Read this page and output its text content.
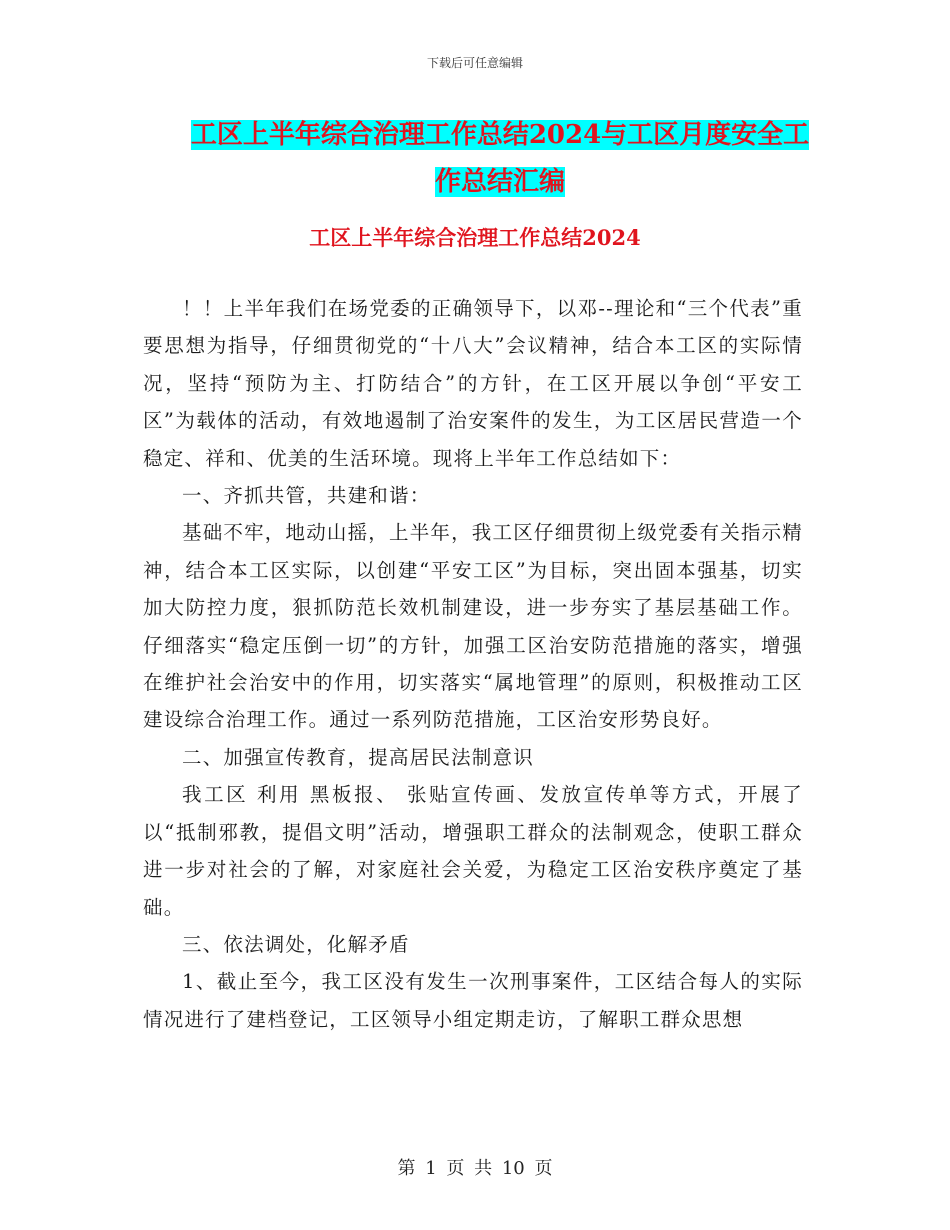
下载后可任意编辑
工区上半年综合治理工作总结2024与工区月度安全工
作总结汇编
工区上半年综合治理工作总结2024

！！上半年我们在场党委的正确领导下，以邓--理论和“三个代表”重要思想为指导，仔细贯彻党的“十八大”会议精神，结合本工区的实际情况，坚持“预防为主、打防结合”的方针，在工区开展以争创“平安工区”为载体的活动，有效地遏制了治安案件的发生，为工区居民营造一个稳定、祥和、优美的生活环境。现将上半年工作总结如下：

一、齐抓共管，共建和谐：

基础不牢，地动山摇，上半年，我工区仔细贯彻上级党委有关指示精神，结合本工区实际，以创建“平安工区”为目标，突出固本强基，切实加大防控力度，狠抓防范长效机制建设，进一步夯实了基层基础工作。仔细落实“稳定压倒一切”的方针，加强工区治安防范措施的落实，增强在维护社会治安中的作用，切实落实“属地管理”的原则，积极推动工区建设综合治理工作。通过一系列防范措施，工区治安形势良好。

二、加强宣传教育，提高居民法制意识

我工区 利用 黑板报、 张贴宣传画、发放宣传单等方式，开展了以“抵制邪教，提倡文明”活动，增强职工群众的法制观念，使职工群众进一步对社会的了解，对家庭社会关爱，为稳定工区治安秩序奠定了基础。

三、依法调处，化解矛盾

1、截止至今，我工区没有发生一次刑事案件，工区结合每人的实际情况进行了建档登记，工区领导小组定期走访，了解职工群众思想

第 1 页 共 10 页
